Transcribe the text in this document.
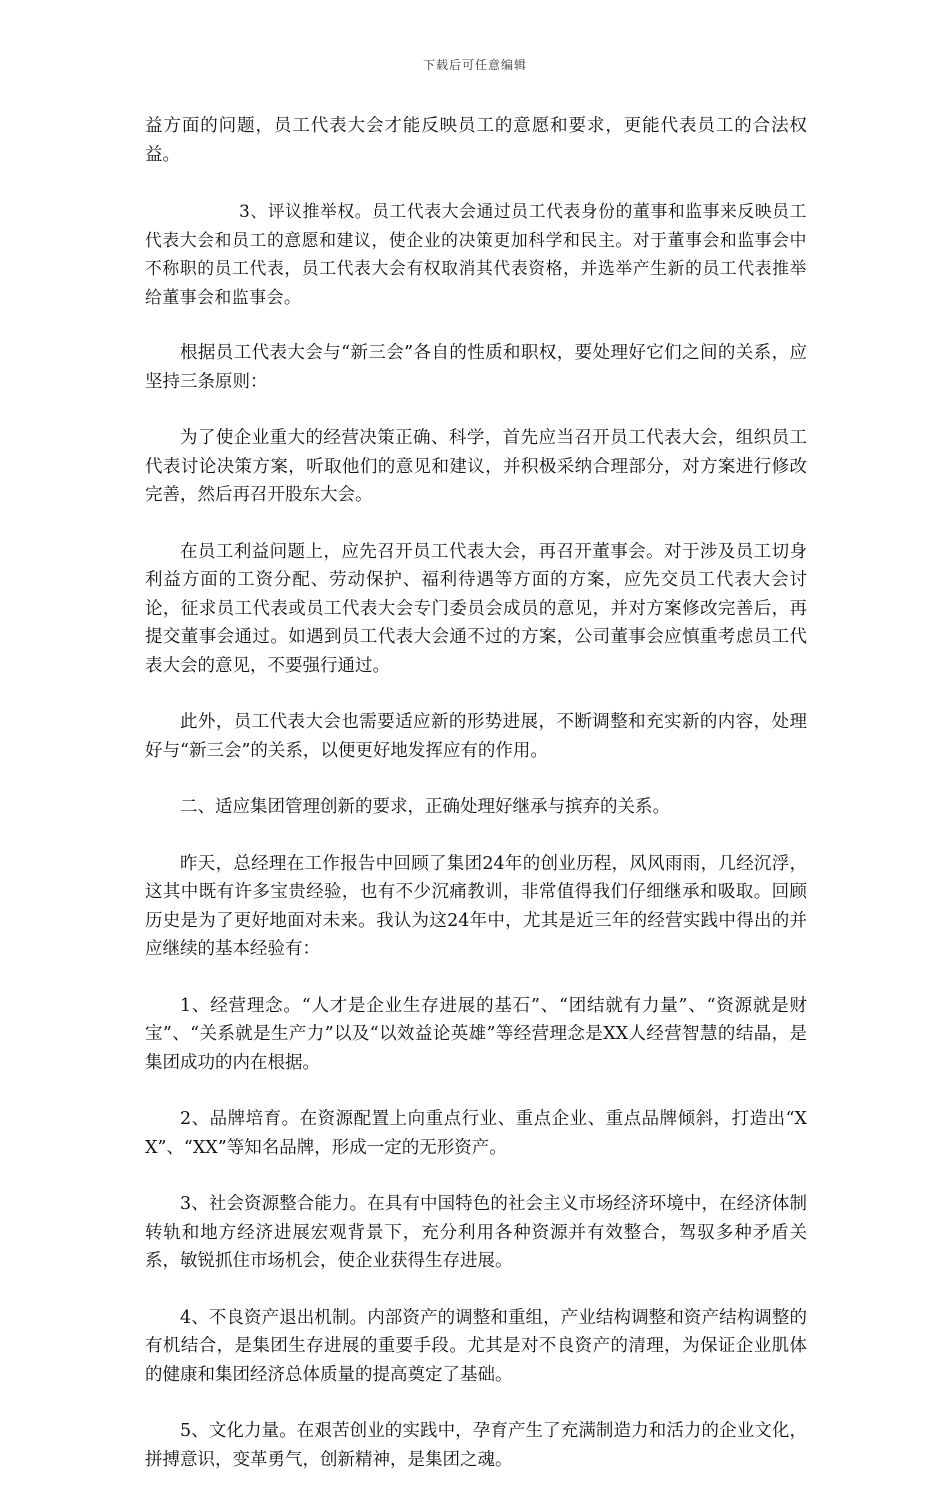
下载后可任意编辑

益方面的问题，员工代表大会才能反映员工的意愿和要求，更能代表员工的合法权益。

3、评议推举权。员工代表大会通过员工代表身份的董事和监事来反映员工代表大会和员工的意愿和建议，使企业的决策更加科学和民主。对于董事会和监事会中不称职的员工代表，员工代表大会有权取消其代表资格，并选举产生新的员工代表推举给董事会和监事会。

根据员工代表大会与“新三会”各自的性质和职权，要处理好它们之间的关系，应坚持三条原则：

为了使企业重大的经营决策正确、科学，首先应当召开员工代表大会，组织员工代表讨论决策方案，听取他们的意见和建议，并积极采纳合理部分，对方案进行修改完善，然后再召开股东大会。

在员工利益问题上，应先召开员工代表大会，再召开董事会。对于涉及员工切身利益方面的工资分配、劳动保护、福利待遇等方面的方案，应先交员工代表大会讨论，征求员工代表或员工代表大会专门委员会成员的意见，并对方案修改完善后，再提交董事会通过。如遇到员工代表大会通不过的方案，公司董事会应慎重考虑员工代表大会的意见，不要强行通过。

此外，员工代表大会也需要适应新的形势进展，不断调整和充实新的内容，处理好与“新三会”的关系，以便更好地发挥应有的作用。

二、适应集团管理创新的要求，正确处理好继承与摈弃的关系。

昨天，总经理在工作报告中回顾了集团24年的创业历程，风风雨雨，几经沉浮，这其中既有许多宝贵经验，也有不少沉痛教训，非常值得我们仔细继承和吸取。回顾历史是为了更好地面对未来。我认为这24年中，尤其是近三年的经营实践中得出的并应继续的基本经验有：

1、经营理念。“人才是企业生存进展的基石”、“团结就有力量”、“资源就是财宝”、“关系就是生产力”以及“以效益论英雄”等经营理念是XX人经营智慧的结晶，是集团成功的内在根据。

2、品牌培育。在资源配置上向重点行业、重点企业、重点品牌倾斜，打造出“XX”、“XX”等知名品牌，形成一定的无形资产。

3、社会资源整合能力。在具有中国特色的社会主义市场经济环境中，在经济体制转轨和地方经济进展宏观背景下，充分利用各种资源并有效整合，驾驭多种矛盾关系，敏锐抓住市场机会，使企业获得生存进展。

4、不良资产退出机制。内部资产的调整和重组，产业结构调整和资产结构调整的有机结合，是集团生存进展的重要手段。尤其是对不良资产的清理，为保证企业肌体的健康和集团经济总体质量的提高奠定了基础。

5、文化力量。在艰苦创业的实践中，孕育产生了充满制造力和活力的企业文化，拼搏意识，变革勇气，创新精神，是集团之魂。
